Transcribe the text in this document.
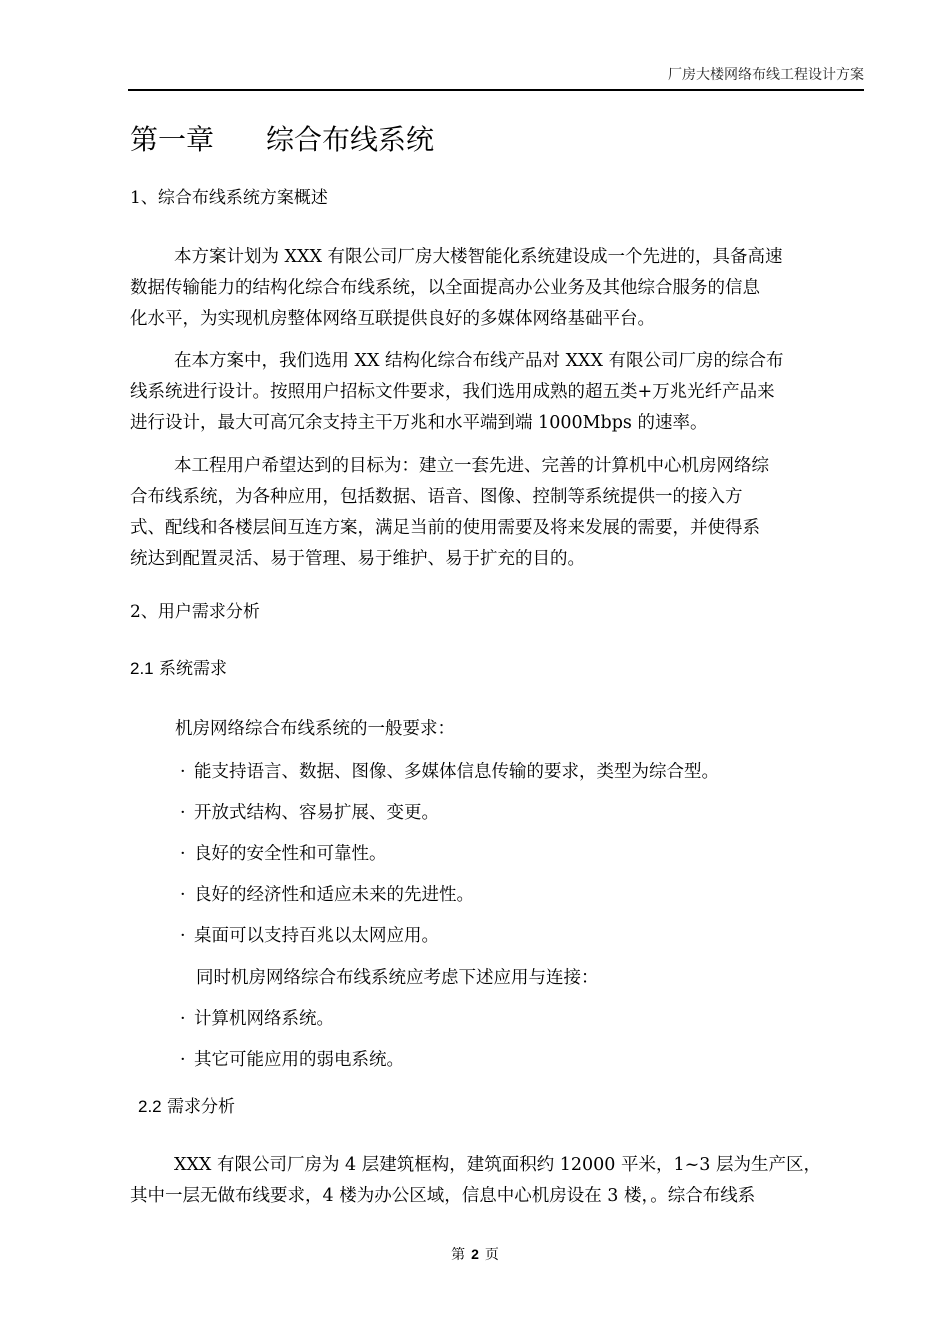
厂房大楼网络布线工程设计方案
第一章 综合布线系统
1、综合布线系统方案概述
本方案计划为 XXX 有限公司厂房大楼智能化系统建设成一个先进的，具备高速
数据传输能力的结构化综合布线系统，以全面提高办公业务及其他综合服务的信息
化水平，为实现机房整体网络互联提供良好的多媒体网络基础平台。
在本方案中，我们选用 XX 结构化综合布线产品对 XXX 有限公司厂房的综合布
线系统进行设计。按照用户招标文件要求，我们选用成熟的超五类+万兆光纤产品来
进行设计，最大可高冗余支持主干万兆和水平端到端 1000Mbps 的速率。
本工程用户希望达到的目标为：建立一套先进、完善的计算机中心机房网络综
合布线系统，为各种应用，包括数据、语音、图像、控制等系统提供一的接入方
式、配线和各楼层间互连方案，满足当前的使用需要及将来发展的需要，并使得系
统达到配置灵活、易于管理、易于维护、易于扩充的目的。
2、用户需求分析
2.1 系统需求
机房网络综合布线系统的一般要求：
· 能支持语言、数据、图像、多媒体信息传输的要求，类型为综合型。
· 开放式结构、容易扩展、变更。
· 良好的安全性和可靠性。
· 良好的经济性和适应未来的先进性。
· 桌面可以支持百兆以太网应用。
同时机房网络综合布线系统应考虑下述应用与连接：
· 计算机网络系统。
· 其它可能应用的弱电系统。
2.2 需求分析
XXX 有限公司厂房为 4 层建筑框构，建筑面积约 12000 平米，1~3 层为生产区，
其中一层无做布线要求，4 楼为办公区域，信息中心机房设在 3 楼，。综合布线系
第 2 页
